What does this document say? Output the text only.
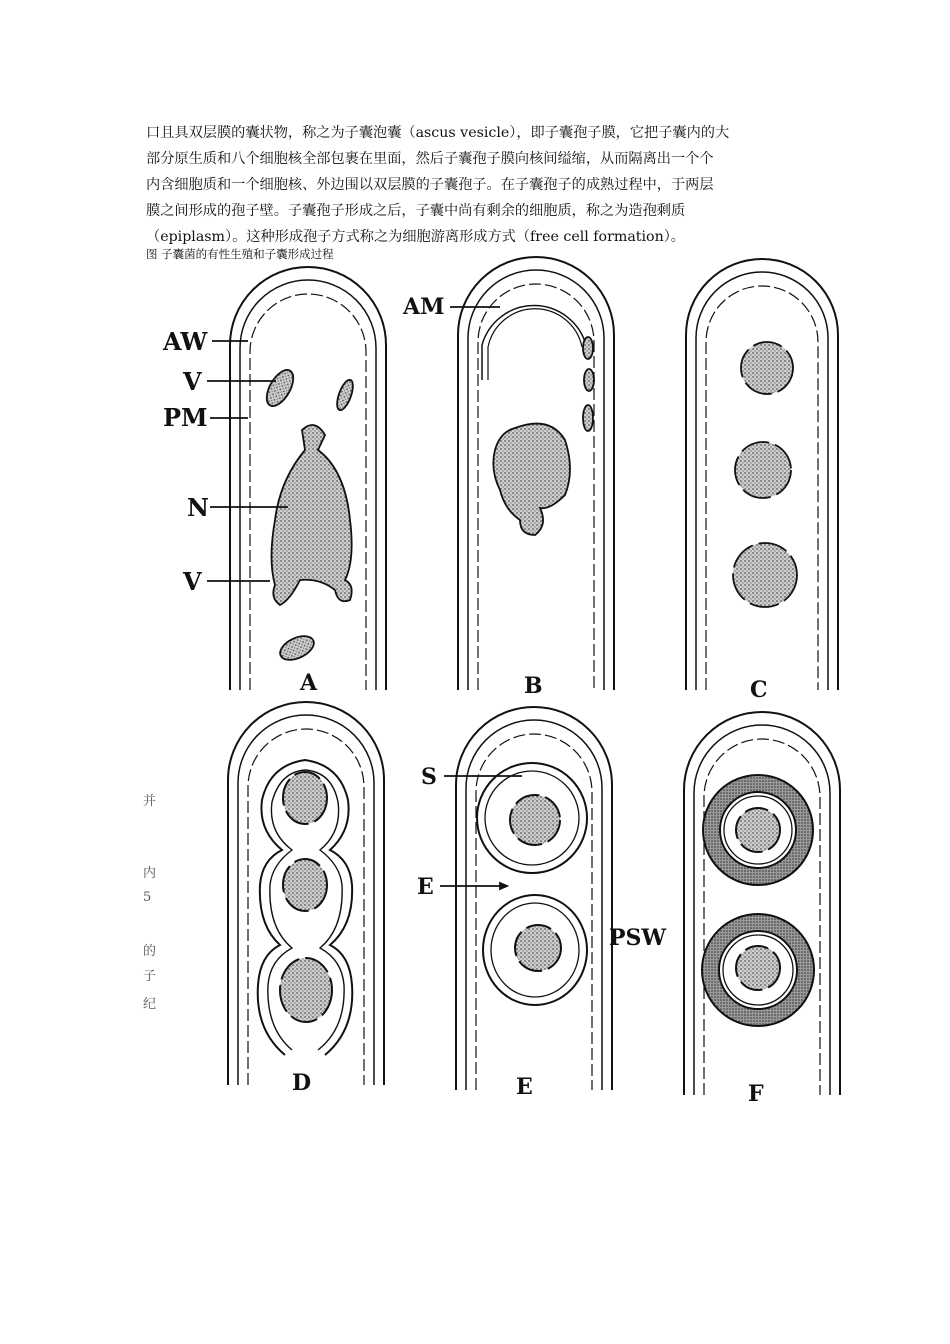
口且具双层膜的囊状物，称之为子囊泡囊（ascus vesicle），即子囊孢子膜，它把子囊内的大
部分原生质和八个细胞核全部包裹在里面，然后子囊孢子膜向核间缢缩，从而隔离出一个个
内含细胞质和一个细胞核、外边围以双层膜的子囊孢子。在子囊孢子的成熟过程中，于两层
膜之间形成的孢子壁。子囊孢子形成之后，子囊中尚有剩余的细胞质，称之为造孢剩质
（epiplasm）。这种形成孢子方式称之为细胞游离形成方式（free cell formation）。
图 子囊菌的有性生殖和子囊形成过程
并
内
5
的
子
纪
AW
V
PM
N
V
AM
S
E
PSW
A	B	C
D	E	F
